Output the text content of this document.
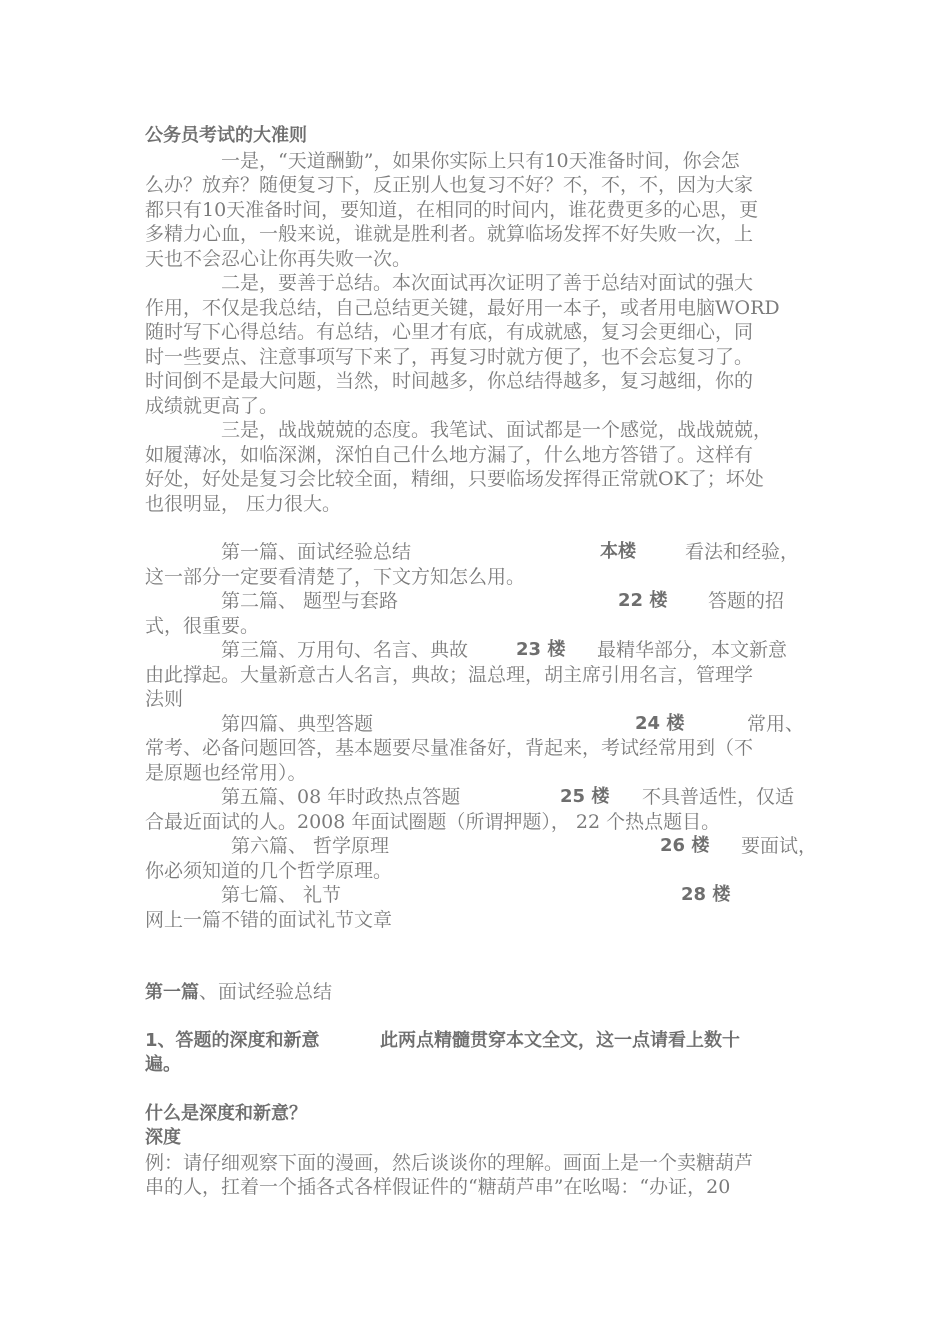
公务员考试的大准则
一是，“天道酬勤”，如果你实际上只有10天准备时间，你会怎
么办？放弃？随便复习下，反正别人也复习不好？不，不，不，因为大家
都只有10天准备时间，要知道，在相同的时间内，谁花费更多的心思，更
多精力心血，一般来说，谁就是胜利者。就算临场发挥不好失败一次，上
天也不会忍心让你再失败一次。
二是，要善于总结。本次面试再次证明了善于总结对面试的强大
作用，不仅是我总结，自己总结更关键，最好用一本子，或者用电脑WORD
随时写下心得总结。有总结，心里才有底，有成就感，复习会更细心，同
时一些要点、注意事项写下来了，再复习时就方便了，也不会忘复习了。
时间倒不是最大问题，当然，时间越多，你总结得越多，复习越细，你的
成绩就更高了。
三是，战战兢兢的态度。我笔试、面试都是一个感觉，战战兢兢，
如履薄冰，如临深渊，深怕自己什么地方漏了，什么地方答错了。这样有
好处，好处是复习会比较全面，精细，只要临场发挥得正常就OK了；坏处
也很明显， 压力很大。
第一篇、面试经验总结	本楼	看法和经验，
这一部分一定要看清楚了，下文方知怎么用。
第二篇、 题型与套路	22 楼 答题的招
式，很重要。
第三篇、万用句、名言、典故	23 楼 最精华部分，本文新意
由此撑起。大量新意古人名言，典故；温总理，胡主席引用名言，管理学
法则
第四篇、典型答题	24 楼	常用、
常考、必备问题回答，基本题要尽量准备好，背起来，考试经常用到（不
是原题也经常用）。
第五篇、08 年时政热点答题	25 楼 不具普适性，仅适
合最近面试的人。2008 年面试圈题（所谓押题）， 22 个热点题目。
第六篇、 哲学原理	26 楼 要面试，
你必须知道的几个哲学原理。
第七篇、 礼节	28 楼
网上一篇不错的面试礼节文章
第一篇、面试经验总结
1、答题的深度和新意	此两点精髓贯穿本文全文，这一点请看上数十
遍。
什么是深度和新意？
深度
例：请仔细观察下面的漫画，然后谈谈你的理解。画面上是一个卖糖葫芦
串的人，扛着一个插各式各样假证件的“糖葫芦串”在吆喝：“办证，20
